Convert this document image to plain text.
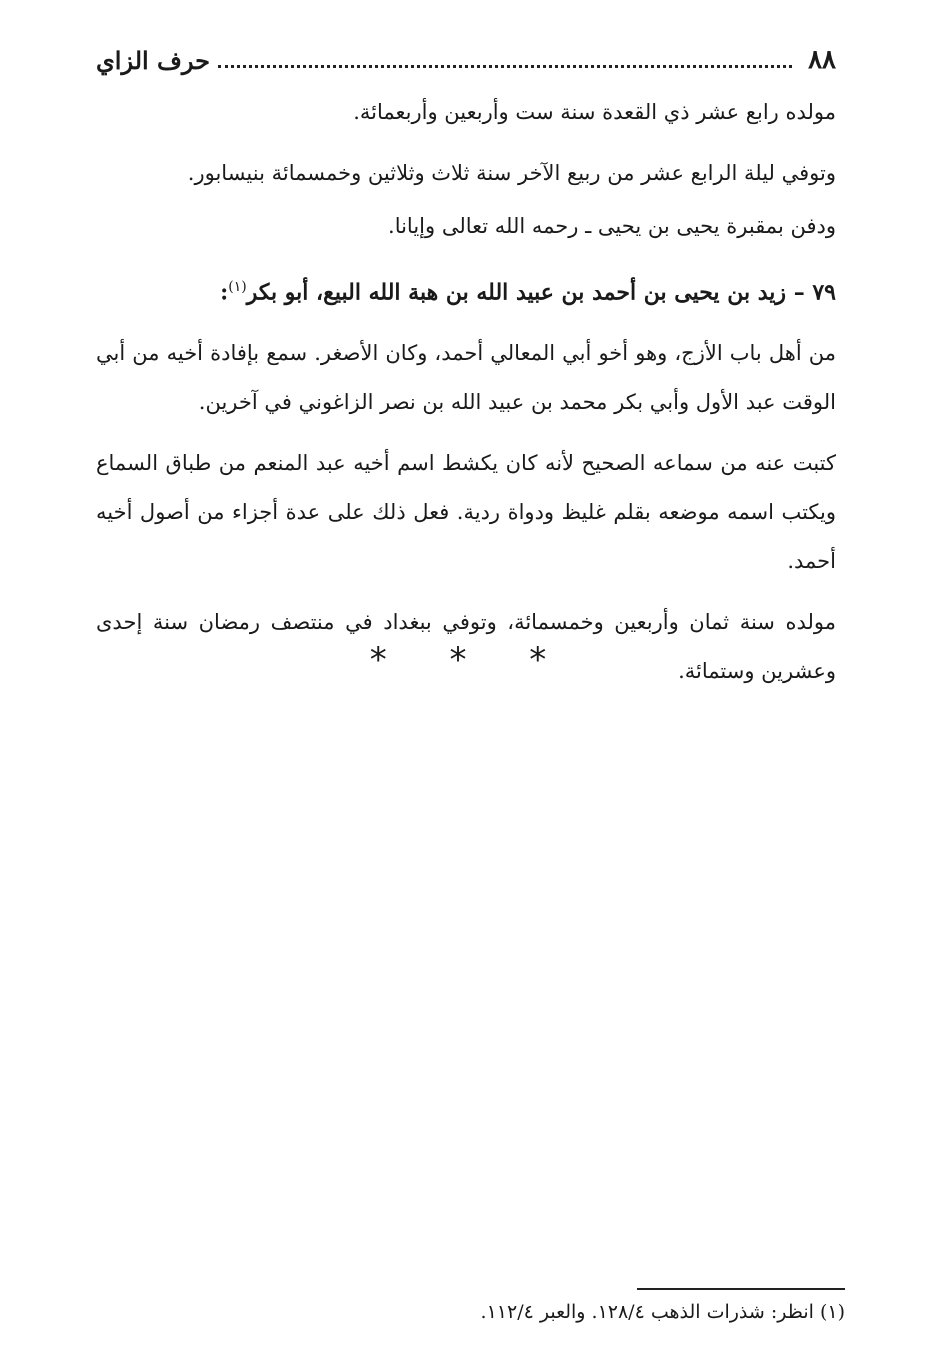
٨٨
حرف الزاي

مولده رابع عشر ذي القعدة سنة ست وأربعين وأربعمائة.

وتوفي ليلة الرابع عشر من ربيع الآخر سنة ثلاث وثلاثين وخمسمائة بنيسابور.

ودفن بمقبرة يحيى بن يحيى ـ رحمه الله تعالى وإيانا.

٧٩ – زيد بن يحيى بن أحمد بن عبيد الله بن هبة الله البيع، أبو بكر$^{(١)}$:

من أهل باب الأزج، وهو أخو أبي المعالي أحمد، وكان الأصغر. سمع بإفادة أخيه من أبي الوقت عبد الأول وأبي بكر محمد بن عبيد الله بن نصر الزاغوني في آخرين.

كتبت عنه من سماعه الصحيح لأنه كان يكشط اسم أخيه عبد المنعم من طباق السماع ويكتب اسمه موضعه بقلم غليظ ودواة ردية. فعل ذلك على عدة أجزاء من أصول أخيه أحمد.

مولده سنة ثمان وأربعين وخمسمائة، وتوفي ببغداد في منتصف رمضان سنة إحدى وعشرين وستمائة.

* * *
(١) انظر: شذرات الذهب ١٢٨/٤. والعبر ١١٢/٤.
